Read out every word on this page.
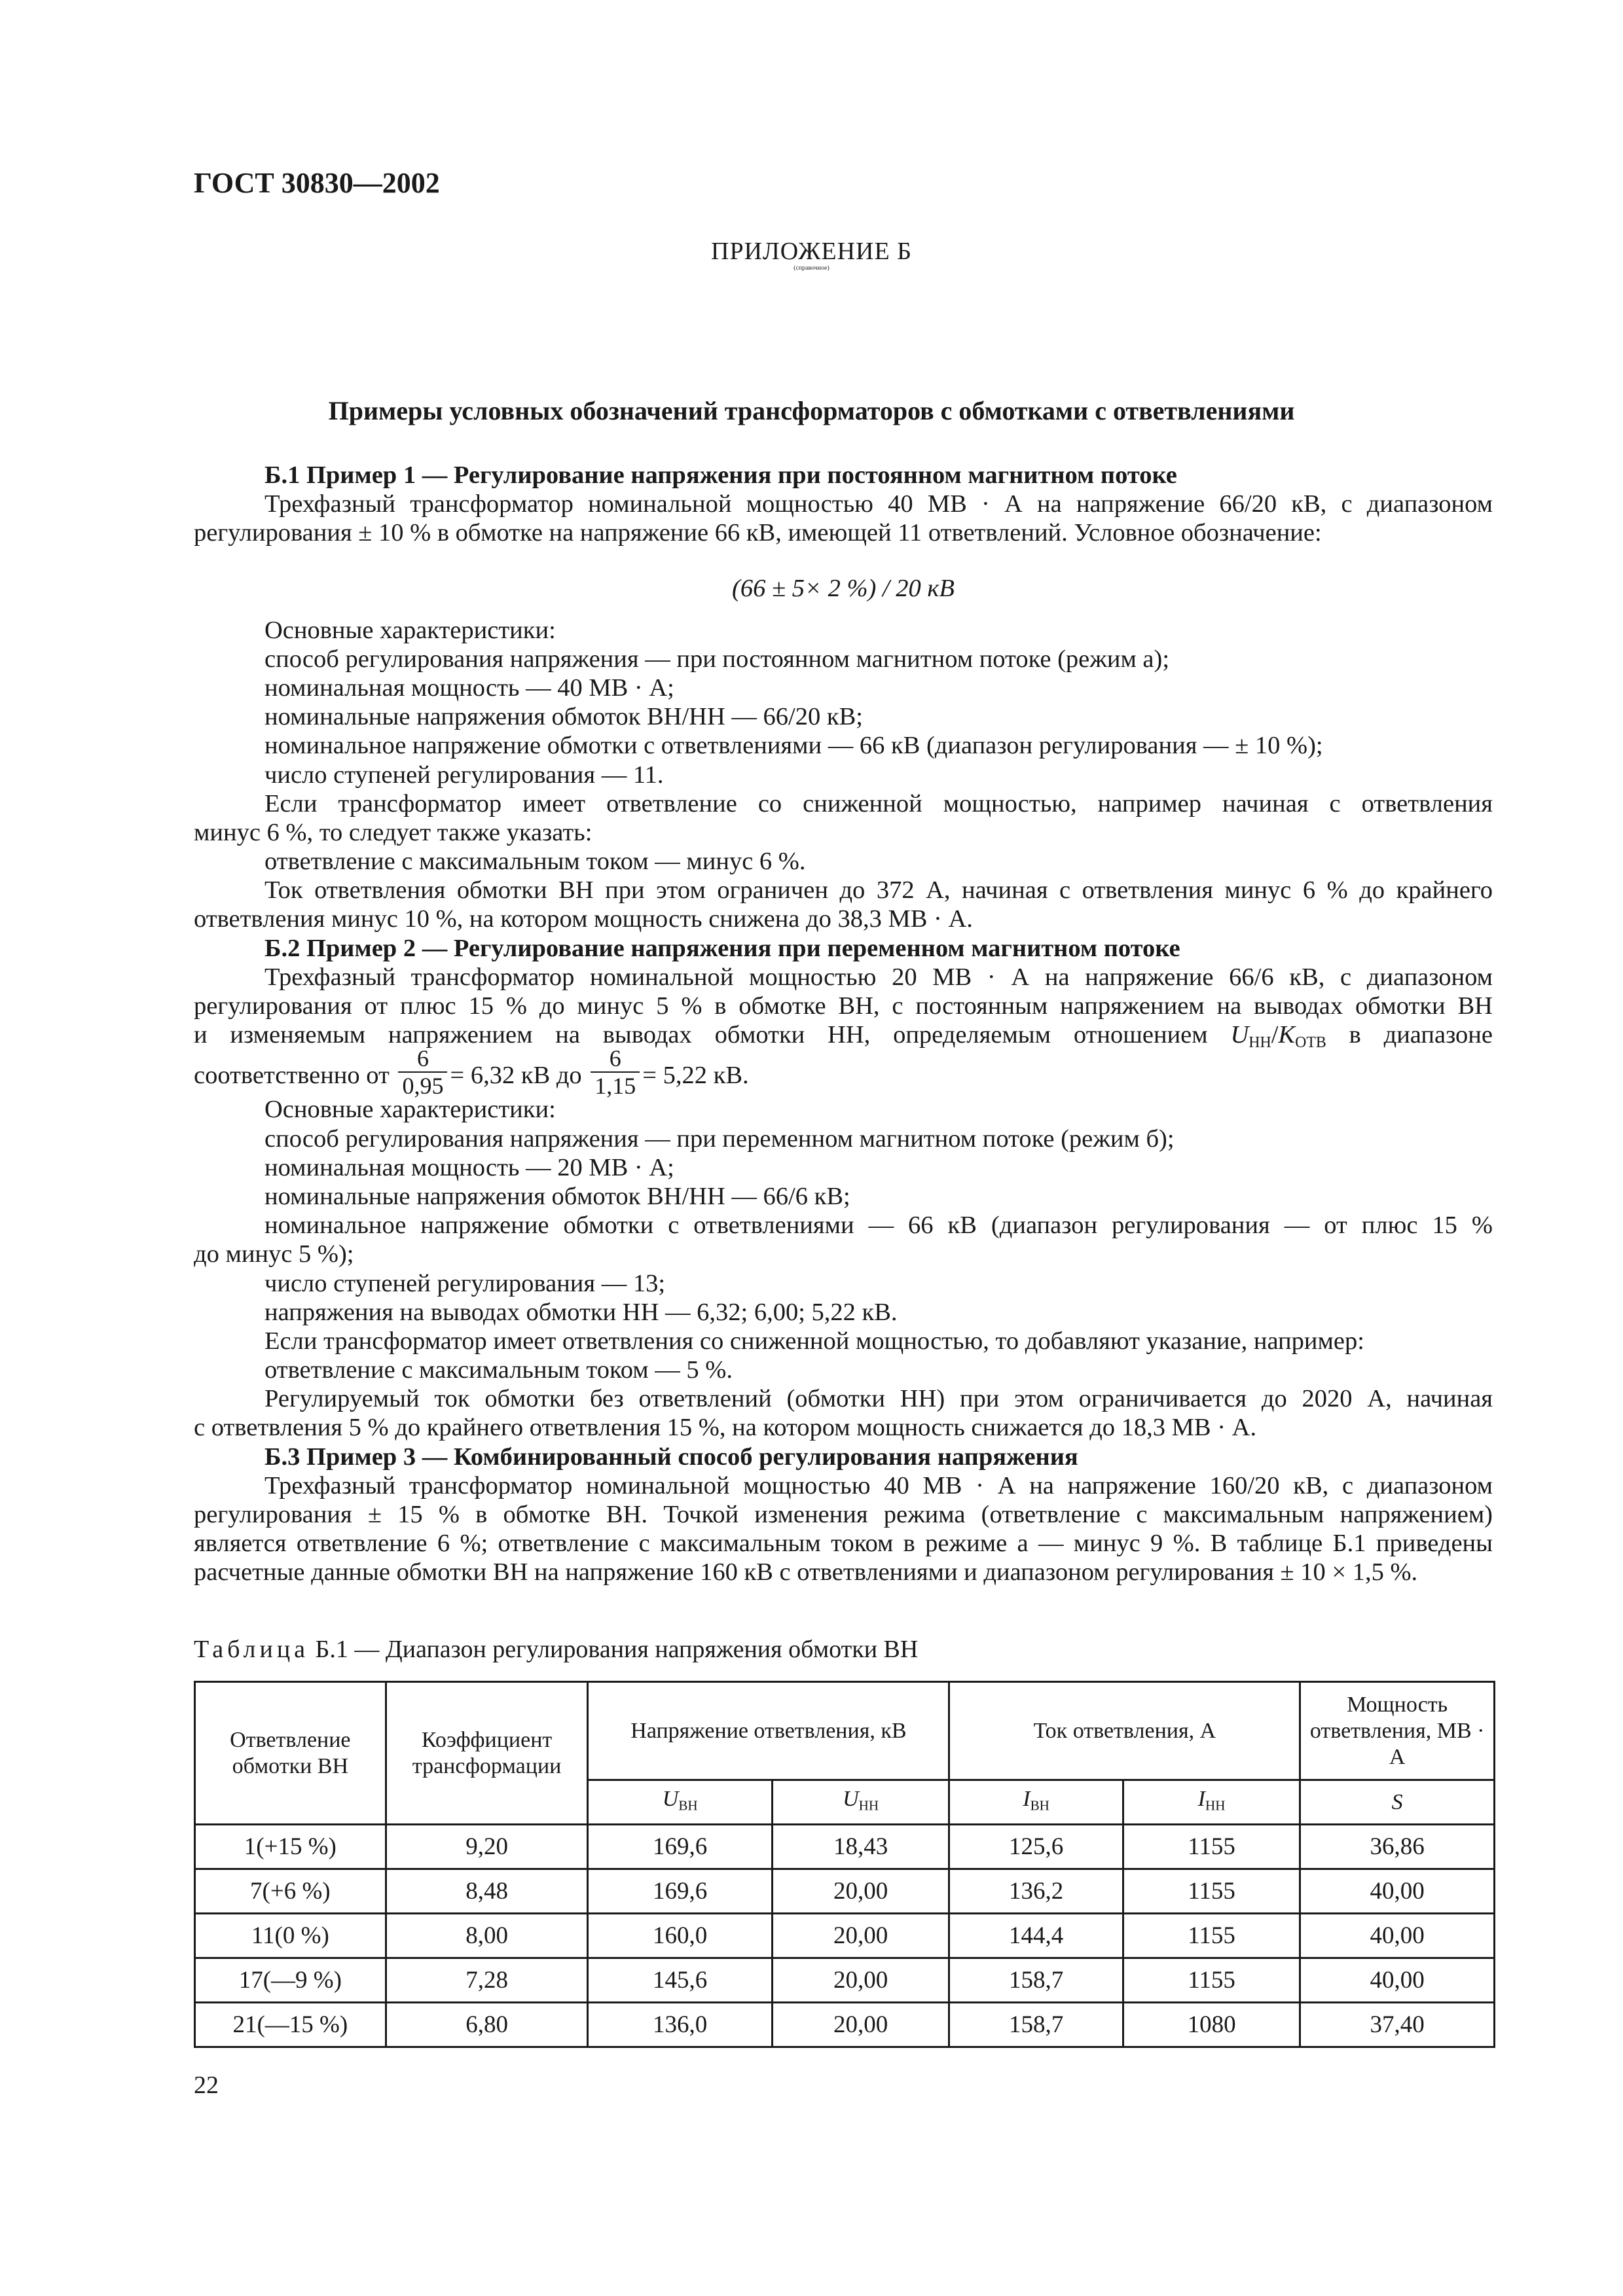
ГОСТ 30830—2002
ПРИЛОЖЕНИЕ Б
(справочное)
Примеры условных обозначений трансформаторов с обмотками с ответвлениями
Б.1 Пример 1 — Регулирование напряжения при постоянном магнитном потоке
Трехфазный трансформатор номинальной мощностью 40 МВ · А на напряжение 66/20 кВ, с диапазоном
регулирования ± 10 % в обмотке на напряжение 66 кВ, имеющей 11 ответвлений. Условное обозначение:
(66 ± 5× 2 %) / 20 кВ
Основные характеристики:
способ регулирования напряжения — при постоянном магнитном потоке (режим а);
номинальная мощность — 40 МВ · А;
номинальные напряжения обмоток ВН/НН — 66/20 кВ;
номинальное напряжение обмотки с ответвлениями — 66 кВ (диапазон регулирования — ± 10 %);
число ступеней регулирования — 11.
Если трансформатор имеет ответвление со сниженной мощностью, например начиная с ответвления
минус 6 %, то следует также указать:
ответвление с максимальным током — минус 6 %.
Ток ответвления обмотки ВН при этом ограничен до 372 А, начиная с ответвления минус 6 % до крайнего
ответвления минус 10 %, на котором мощность снижена до 38,3 МВ · А.
Б.2 Пример 2 — Регулирование напряжения при переменном магнитном потоке
Трехфазный трансформатор номинальной мощностью 20 МВ · А на напряжение 66/6 кВ, с диапазоном
регулирования от плюс 15 % до минус 5 % в обмотке ВН, с постоянным напряжением на выводах обмотки ВН
и изменяемым напряжением на выводах обмотки НН, определяемым отношением $U_{НН}/K_{ОТВ}$ в диапазоне
соответственно от $\frac{6}{0,95} = 6,32$ кВ до $\frac{6}{1,15} = 5,22$ кВ.
Основные характеристики:
способ регулирования напряжения — при переменном магнитном потоке (режим б);
номинальная мощность — 20 МВ · А;
номинальные напряжения обмоток ВН/НН — 66/6 кВ;
номинальное напряжение обмотки с ответвлениями — 66 кВ (диапазон регулирования — от плюс 15 %
до минус 5 %);
число ступеней регулирования — 13;
напряжения на выводах обмотки НН — 6,32; 6,00; 5,22 кВ.
Если трансформатор имеет ответвления со сниженной мощностью, то добавляют указание, например:
ответвление с максимальным током — 5 %.
Регулируемый ток обмотки без ответвлений (обмотки НН) при этом ограничивается до 2020 А, начиная
с ответвления 5 % до крайнего ответвления 15 %, на котором мощность снижается до 18,3 МВ · А.
Б.3 Пример 3 — Комбинированный способ регулирования напряжения
Трехфазный трансформатор номинальной мощностью 40 МВ · А на напряжение 160/20 кВ, с диапазоном
регулирования ± 15 % в обмотке ВН. Точкой изменения режима (ответвление с максимальным напряжением)
является ответвление 6 %; ответвление с максимальным током в режиме а — минус 9 %. В таблице Б.1 приведены
расчетные данные обмотки ВН на напряжение 160 кВ с ответвлениями и диапазоном регулирования ± 10 × 1,5 %.
Таблица Б.1 — Диапазон регулирования напряжения обмотки ВН
Ответвление обмотки ВН	Коэффициент трансформации	Напряжение ответвления, кВ		Ток ответвления, А		Мощность ответвления, МВ · А
		$U_{ВН}$	$U_{НН}$	$I_{ВН}$	$I_{НН}$	S
1(+15 %)	9,20	169,6	18,43	125,6	1155	36,86
7(+6 %)	8,48	169,6	20,00	136,2	1155	40,00
11(0 %)	8,00	160,0	20,00	144,4	1155	40,00
17(—9 %)	7,28	145,6	20,00	158,7	1155	40,00
21(—15 %)	6,80	136,0	20,00	158,7	1080	37,40
22
